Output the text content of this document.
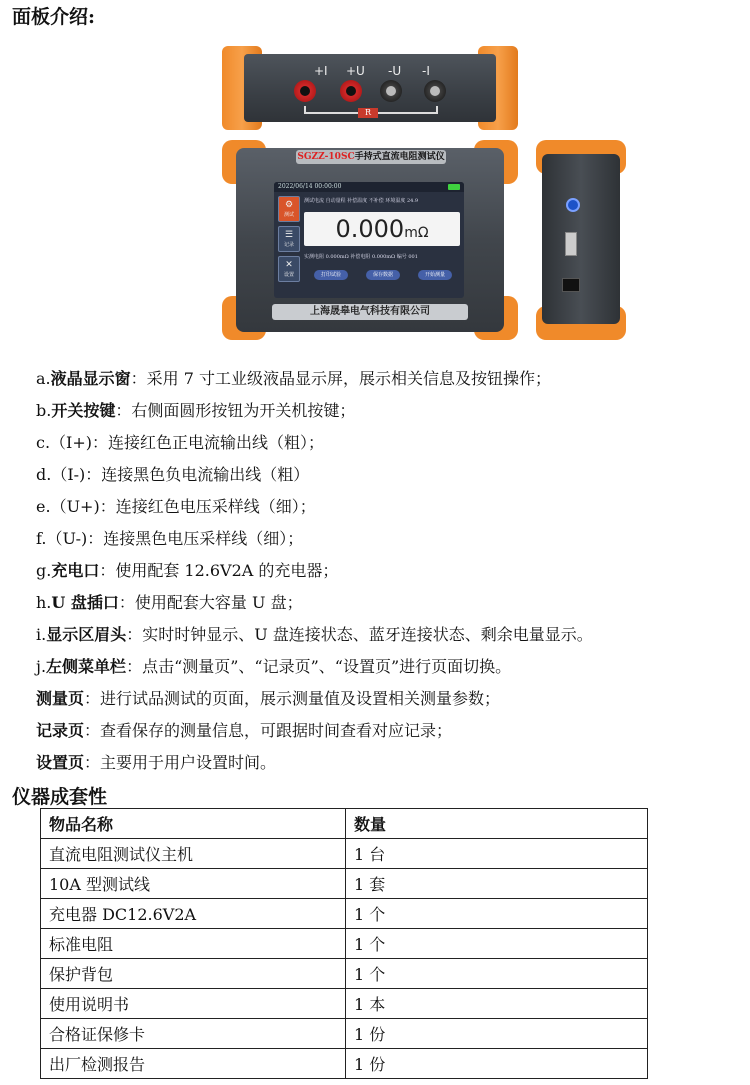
面板介绍:
+I +U -U -I
R
SGZZ-10SC手持式直流电阻测试仪
2022/06/14 00:00:00
⚙
测试
☰
记录
✕
设置
测试电流 自动量程 补偿温度 不补偿 环境温度 24.9
0.000mΩ
实测电阻 0.000mΩ 补偿电阻 0.000mΩ 编号 001
打印试验	保存数据	开始测量
上海晟皋电气科技有限公司
a.液晶显示窗：采用 7 寸工业级液晶显示屏，展示相关信息及按钮操作；
b.开关按键：右侧面圆形按钮为开关机按键；
c.（I+)：连接红色正电流输出线（粗）；
d.（I-)：连接黑色负电流输出线（粗）
e.（U+)：连接红色电压采样线（细）；
f.（U-)：连接黑色电压采样线（细）；
g.充电口：使用配套 12.6V2A 的充电器；
h.U 盘插口：使用配套大容量 U 盘；
i.显示区眉头：实时时钟显示、U 盘连接状态、蓝牙连接状态、剩余电量显示。
j.左侧菜单栏：点击“测量页”、“记录页”、“设置页”进行页面切换。
测量页：进行试品测试的页面，展示测量值及设置相关测量参数；
记录页：查看保存的测量信息，可跟据时间查看对应记录；
设置页：主要用于用户设置时间。
仪器成套性
物品名称	数量
直流电阻测试仪主机	1 台
10A 型测试线	1 套
充电器 DC12.6V2A	1 个
标准电阻	1 个
保护背包	1 个
使用说明书	1 本
合格证保修卡	1 份
出厂检测报告	1 份
